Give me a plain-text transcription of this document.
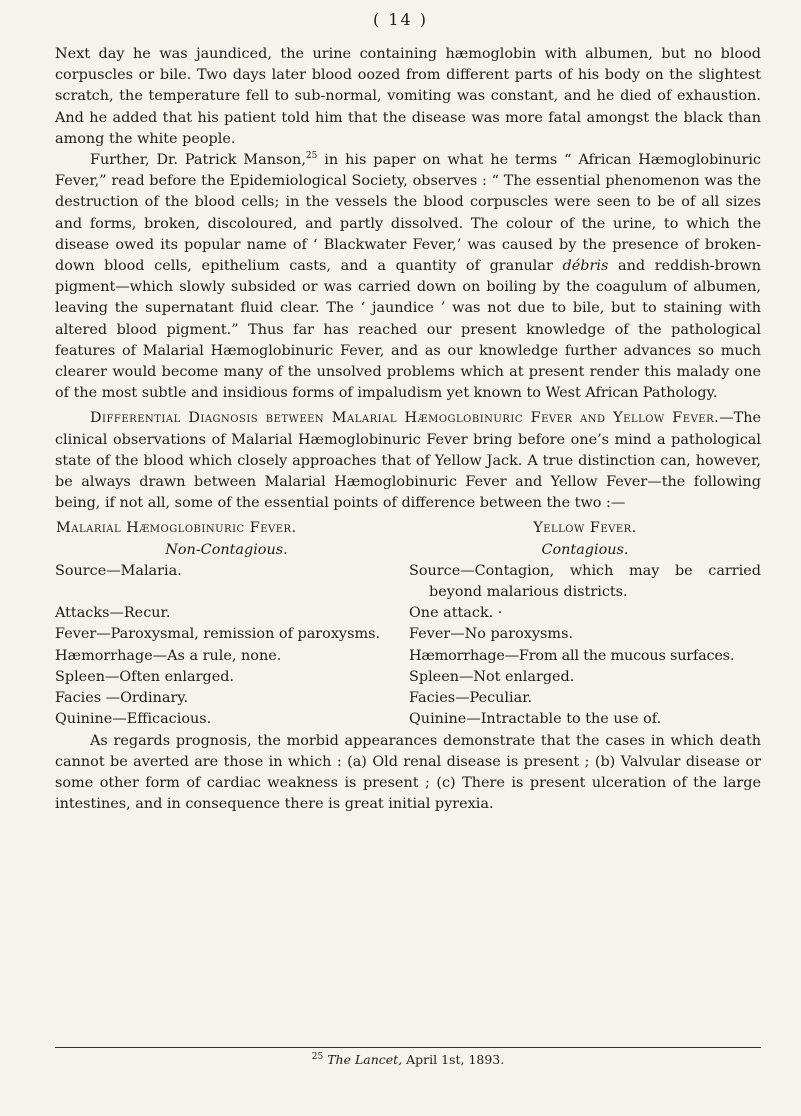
( 14 )

Next day he was jaundiced, the urine containing hæmoglobin with albumen, but no blood corpuscles or bile. Two days later blood oozed from different parts of his body on the slightest scratch, the temperature fell to sub-normal, vomiting was constant, and he died of exhaustion. And he added that his patient told him that the disease was more fatal amongst the black than among the white people.

Further, Dr. Patrick Manson,$^{25}$ in his paper on what he terms “ African Hæmoglobinuric Fever,” read before the Epidemiological Society, observes : “ The essential phenomenon was the destruction of the blood cells; in the vessels the blood corpuscles were seen to be of all sizes and forms, broken, discoloured, and partly dissolved. The colour of the urine, to which the disease owed its popular name of ‘ Blackwater Fever,’ was caused by the presence of broken-down blood cells, epithelium casts, and a quantity of granular débris and reddish-brown pigment—which slowly subsided or was carried down on boiling by the coagulum of albumen, leaving the supernatant fluid clear. The ‘ jaundice ’ was not due to bile, but to staining with altered blood pigment.” Thus far has reached our present knowledge of the pathological features of Malarial Hæmoglobinuric Fever, and as our knowledge further advances so much clearer would become many of the unsolved problems which at present render this malady one of the most subtle and insidious forms of impaludism yet known to West African Pathology.

Differential Diagnosis between Malarial Hæmoglobinuric Fever and Yellow Fever.—The clinical observations of Malarial Hæmoglobinuric Fever bring before one’s mind a pathological state of the blood which closely approaches that of Yellow Jack. A true distinction can, however, be always drawn between Malarial Hæmoglobinuric Fever and Yellow Fever—the following being, if not all, some of the essential points of difference between the two :—

Malarial Hæmoglobinuric Fever.

Non-Contagious.

Source—Malaria.

Attacks—Recur.

Fever—Paroxysmal, remission of paroxysms.

Hæmorrhage—As a rule, none.

Spleen—Often enlarged.

Facies —Ordinary.

Quinine—Efficacious.

Yellow Fever.

Contagious.

Source—Contagion, which may be carried beyond malarious districts.

One attack. ·

Fever—No paroxysms.

Hæmorrhage—From all the mucous surfaces.

Spleen—Not enlarged.

Facies—Peculiar.

Quinine—Intractable to the use of.

As regards prognosis, the morbid appearances demonstrate that the cases in which death cannot be averted are those in which : (a) Old renal disease is present ; (b) Valvular disease or some other form of cardiac weakness is present ; (c) There is present ulceration of the large intestines, and in consequence there is great initial pyrexia.

$^{25}$ The Lancet, April 1st, 1893.
